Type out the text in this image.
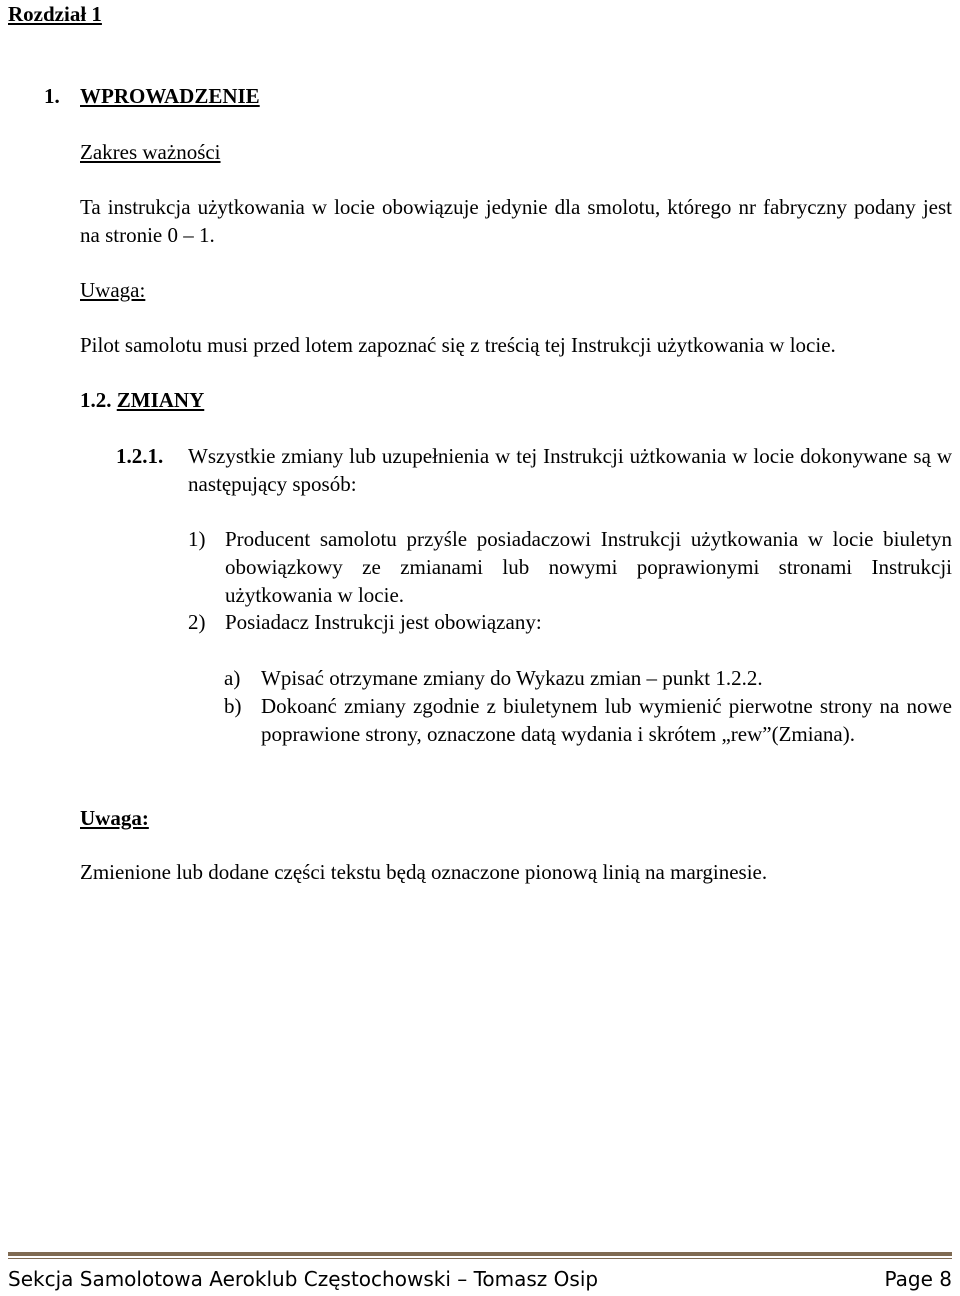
Rozdział 1
1. WPROWADZENIE
Zakres ważności
Ta instrukcja użytkowania w locie obowiązuje jedynie dla smolotu, którego nr fabryczny podany jest na stronie 0 – 1.
Uwaga:
Pilot samolotu musi przed lotem zapoznać się z treścią tej Instrukcji użytkowania w locie.
1.2. ZMIANY
1.2.1. Wszystkie zmiany lub uzupełnienia w tej Instrukcji użtkowania w locie dokonywane są w następujący sposób:
1) Producent samolotu przyśle posiadaczowi Instrukcji użytkowania w locie biuletyn obowiązkowy ze zmianami lub nowymi poprawionymi stronami Instrukcji użytkowania w locie.
2) Posiadacz Instrukcji jest obowiązany:
a) Wpisać otrzymane zmiany do Wykazu zmian – punkt 1.2.2.
b) Dokoanć zmiany zgodnie z biuletynem lub wymienić pierwotne strony na nowe poprawione strony, oznaczone datą wydania i skrótem „rew”(Zmiana).
Uwaga:
Zmienione lub dodane części tekstu będą oznaczone pionową linią na marginesie.
Sekcja Samolotowa Aeroklub Częstochowski – Tomasz Osip	Page 8
